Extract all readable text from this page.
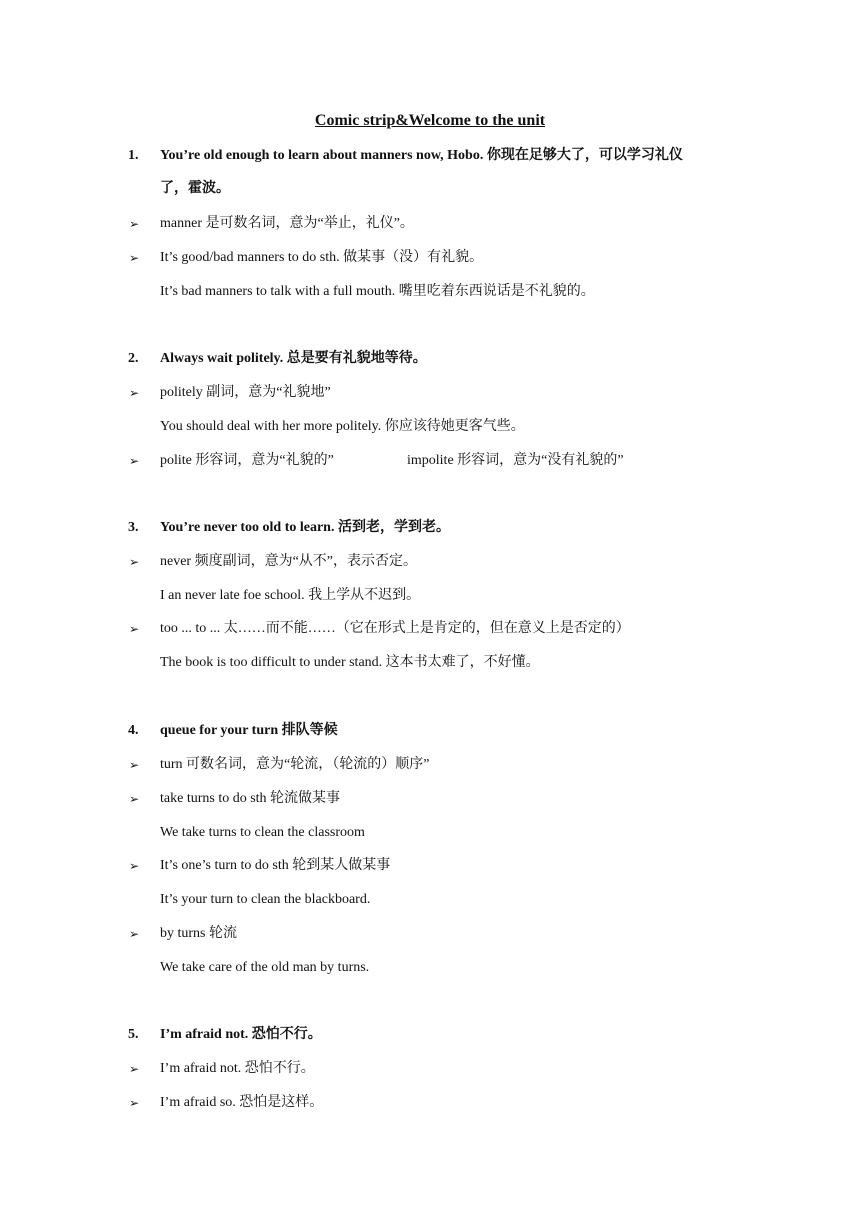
Comic strip&Welcome to the unit
1. You’re old enough to learn about manners now, Hobo. 你现在足够大了，可以学习礼仪
了，霍波。
➢ manner 是可数名词，意为“举止，礼仪”。
➢ It’s good/bad manners to do sth. 做某事（没）有礼貌。
It’s bad manners to talk with a full mouth. 嘴里吃着东西说话是不礼貌的。
2. Always wait politely. 总是要有礼貌地等待。
➢ politely 副词，意为“礼貌地”
You should deal with her more politely. 你应该待她更客气些。
➢ polite 形容词，意为“礼貌的”	impolite 形容词，意为“没有礼貌的”
3. You’re never too old to learn. 活到老，学到老。
➢ never 频度副词，意为“从不”，表示否定。
I an never late foe school. 我上学从不迟到。
➢ too ... to ... 太……而不能……（它在形式上是肯定的，但在意义上是否定的）
The book is too difficult to under stand. 这本书太难了，不好懂。
4. queue for your turn 排队等候
➢ turn 可数名词，意为“轮流，（轮流的）顺序”
➢ take turns to do sth 轮流做某事
We take turns to clean the classroom
➢ It’s one’s turn to do sth 轮到某人做某事
It’s your turn to clean the blackboard.
➢ by turns 轮流
We take care of the old man by turns.
5. I’m afraid not. 恐怕不行。
➢ I’m afraid not. 恐怕不行。
➢ I’m afraid so. 恐怕是这样。
